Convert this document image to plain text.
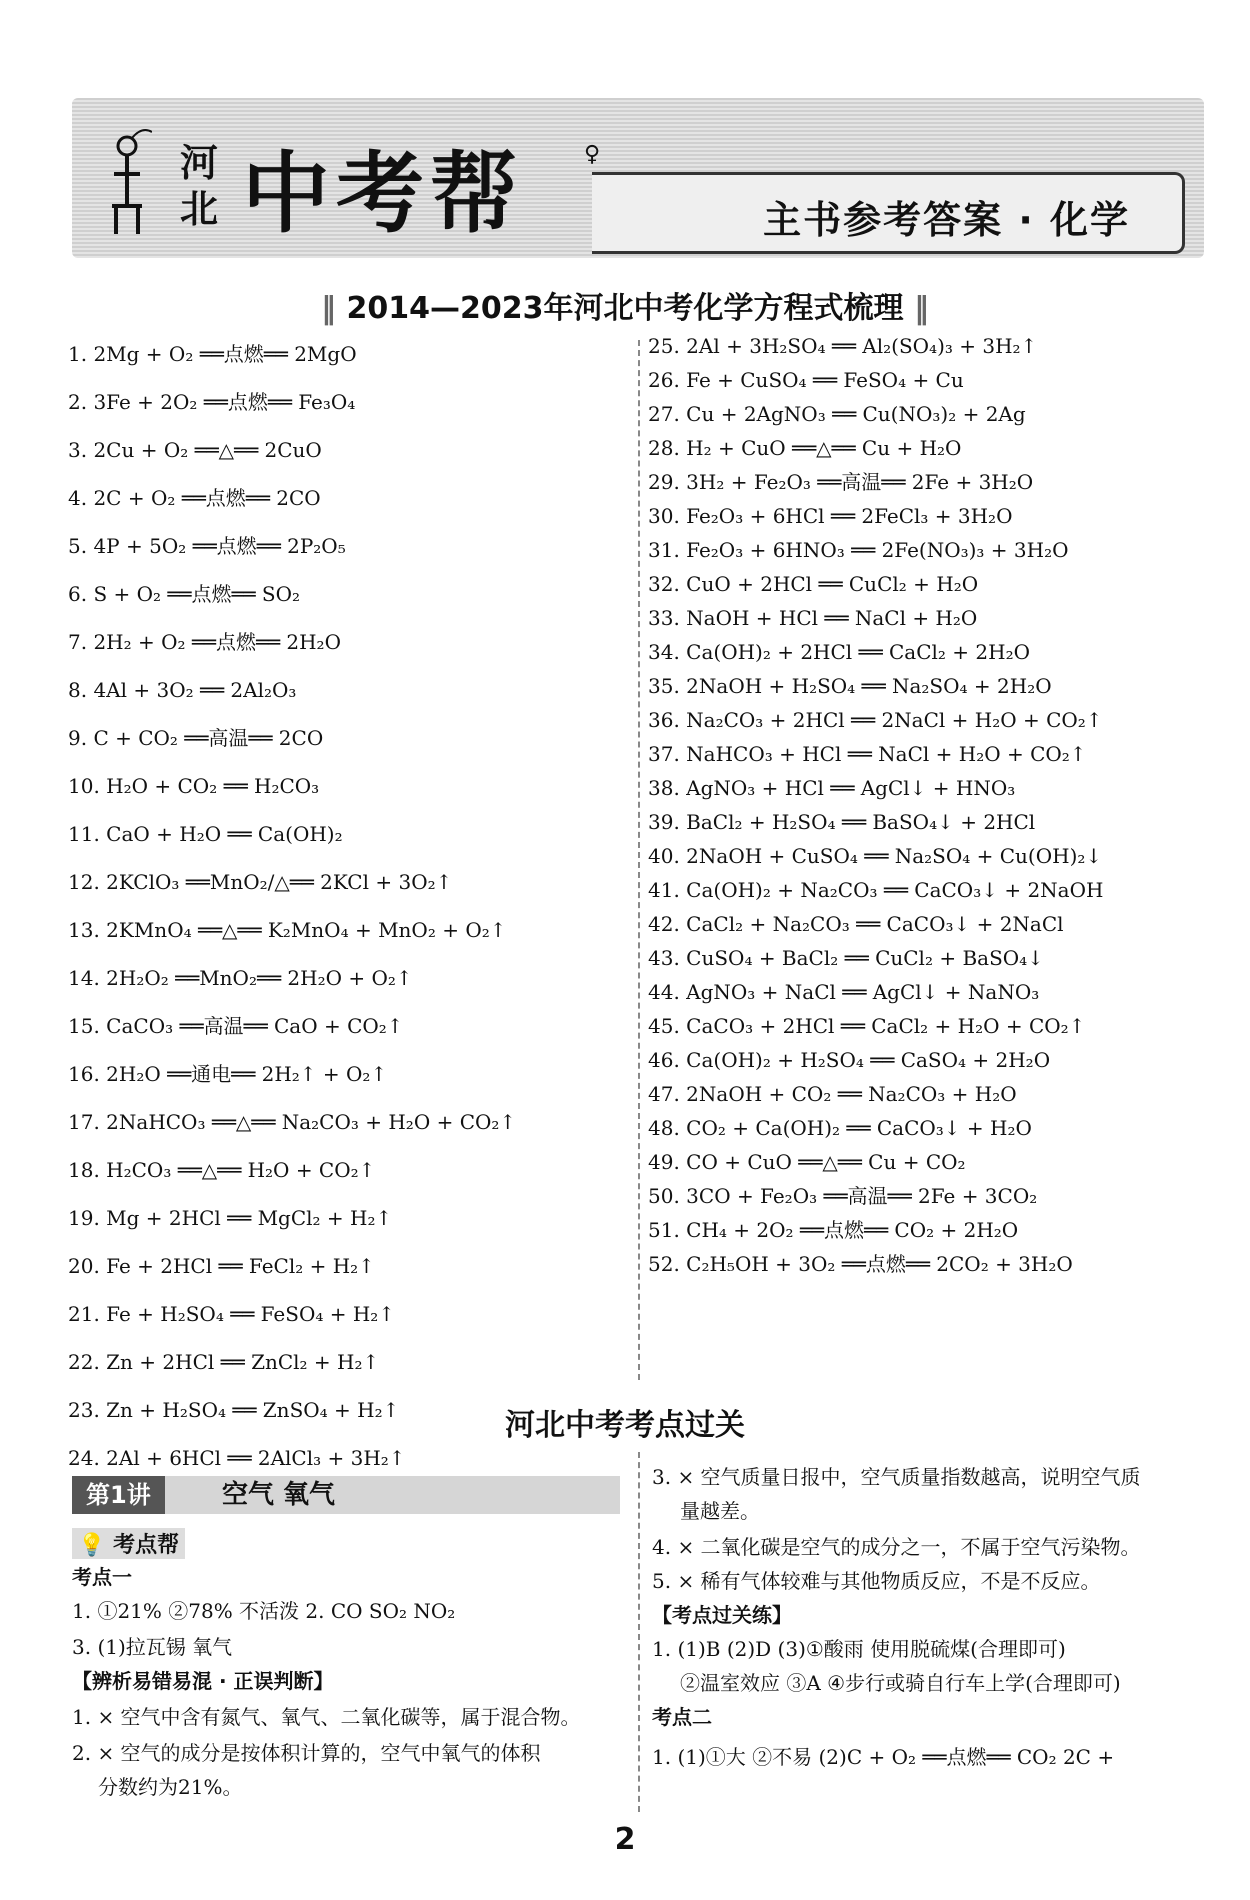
河北 中考帮	♀
主书参考答案 · 化学
‖ 2014—2023年河北中考化学方程式梳理 ‖
1. 2Mg + O₂ ══点燃══ 2MgO
2. 3Fe + 2O₂ ══点燃══ Fe₃O₄
3. 2Cu + O₂ ══△══ 2CuO
4. 2C + O₂ ══点燃══ 2CO
5. 4P + 5O₂ ══点燃══ 2P₂O₅
6. S + O₂ ══点燃══ SO₂
7. 2H₂ + O₂ ══点燃══ 2H₂O
8. 4Al + 3O₂ ══ 2Al₂O₃
9. C + CO₂ ══高温══ 2CO
10. H₂O + CO₂ ══ H₂CO₃
11. CaO + H₂O ══ Ca(OH)₂
12. 2KClO₃ ══MnO₂/△══ 2KCl + 3O₂↑
13. 2KMnO₄ ══△══ K₂MnO₄ + MnO₂ + O₂↑
14. 2H₂O₂ ══MnO₂══ 2H₂O + O₂↑
15. CaCO₃ ══高温══ CaO + CO₂↑
16. 2H₂O ══通电══ 2H₂↑ + O₂↑
17. 2NaHCO₃ ══△══ Na₂CO₃ + H₂O + CO₂↑
18. H₂CO₃ ══△══ H₂O + CO₂↑
19. Mg + 2HCl ══ MgCl₂ + H₂↑
20. Fe + 2HCl ══ FeCl₂ + H₂↑
21. Fe + H₂SO₄ ══ FeSO₄ + H₂↑
22. Zn + 2HCl ══ ZnCl₂ + H₂↑
23. Zn + H₂SO₄ ══ ZnSO₄ + H₂↑
24. 2Al + 6HCl ══ 2AlCl₃ + 3H₂↑
25. 2Al + 3H₂SO₄ ══ Al₂(SO₄)₃ + 3H₂↑
26. Fe + CuSO₄ ══ FeSO₄ + Cu
27. Cu + 2AgNO₃ ══ Cu(NO₃)₂ + 2Ag
28. H₂ + CuO ══△══ Cu + H₂O
29. 3H₂ + Fe₂O₃ ══高温══ 2Fe + 3H₂O
30. Fe₂O₃ + 6HCl ══ 2FeCl₃ + 3H₂O
31. Fe₂O₃ + 6HNO₃ ══ 2Fe(NO₃)₃ + 3H₂O
32. CuO + 2HCl ══ CuCl₂ + H₂O
33. NaOH + HCl ══ NaCl + H₂O
34. Ca(OH)₂ + 2HCl ══ CaCl₂ + 2H₂O
35. 2NaOH + H₂SO₄ ══ Na₂SO₄ + 2H₂O
36. Na₂CO₃ + 2HCl ══ 2NaCl + H₂O + CO₂↑
37. NaHCO₃ + HCl ══ NaCl + H₂O + CO₂↑
38. AgNO₃ + HCl ══ AgCl↓ + HNO₃
39. BaCl₂ + H₂SO₄ ══ BaSO₄↓ + 2HCl
40. 2NaOH + CuSO₄ ══ Na₂SO₄ + Cu(OH)₂↓
41. Ca(OH)₂ + Na₂CO₃ ══ CaCO₃↓ + 2NaOH
42. CaCl₂ + Na₂CO₃ ══ CaCO₃↓ + 2NaCl
43. CuSO₄ + BaCl₂ ══ CuCl₂ + BaSO₄↓
44. AgNO₃ + NaCl ══ AgCl↓ + NaNO₃
45. CaCO₃ + 2HCl ══ CaCl₂ + H₂O + CO₂↑
46. Ca(OH)₂ + H₂SO₄ ══ CaSO₄ + 2H₂O
47. 2NaOH + CO₂ ══ Na₂CO₃ + H₂O
48. CO₂ + Ca(OH)₂ ══ CaCO₃↓ + H₂O
49. CO + CuO ══△══ Cu + CO₂
50. 3CO + Fe₂O₃ ══高温══ 2Fe + 3CO₂
51. CH₄ + 2O₂ ══点燃══ CO₂ + 2H₂O
52. C₂H₅OH + 3O₂ ══点燃══ 2CO₂ + 3H₂O
河北中考考点过关
第1讲	空气 氧气
💡 考点帮
考点一
1. ①21% ②78% 不活泼 2. CO SO₂ NO₂
3. (1)拉瓦锡 氧气
【辨析易错易混 · 正误判断】
1. × 空气中含有氮气、氧气、二氧化碳等，属于混合物。
2. × 空气的成分是按体积计算的，空气中氧气的体积
分数约为21%。
3. × 空气质量日报中，空气质量指数越高，说明空气质
量越差。
4. × 二氧化碳是空气的成分之一，不属于空气污染物。
5. × 稀有气体较难与其他物质反应，不是不反应。
【考点过关练】
1. (1)B (2)D (3)①酸雨 使用脱硫煤(合理即可)
②温室效应 ③A ④步行或骑自行车上学(合理即可)
考点二
1. (1)①大 ②不易 (2)C + O₂ ══点燃══ CO₂ 2C +
2
